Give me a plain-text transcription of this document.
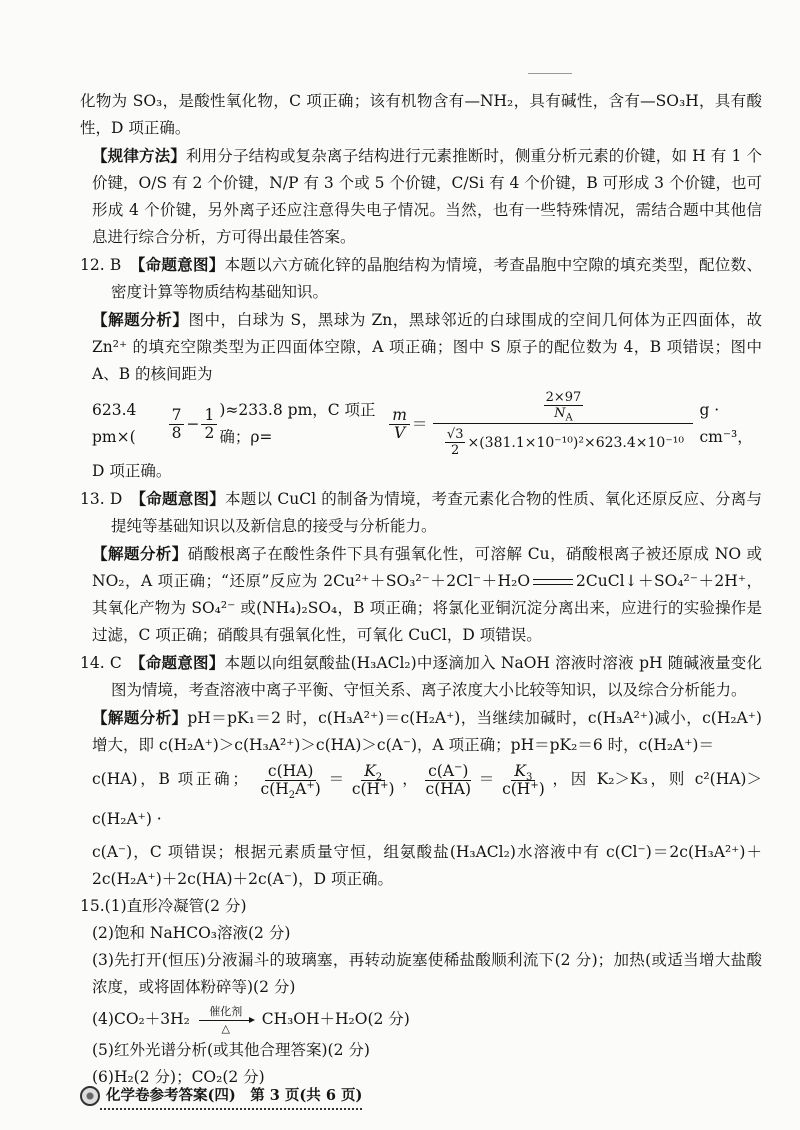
化物为 SO₃，是酸性氧化物，C 项正确；该有机物含有—NH₂，具有碱性，含有—SO₃H，具有酸性，D 项正确。

【规律方法】利用分子结构或复杂离子结构进行元素推断时，侧重分析元素的价键，如 H 有 1 个价键，O/S 有 2 个价键，N/P 有 3 个或 5 个价键，C/Si 有 4 个价键，B 可形成 3 个价键，也可形成 4 个价键，另外离子还应注意得失电子情况。当然，也有一些特殊情况，需结合题中其他信息进行综合分析，方可得出最佳答案。

12. B　 【命题意图】本题以六方硫化锌的晶胞结构为情境，考查晶胞中空隙的填充类型，配位数、密度计算等物质结构基础知识。

【解题分析】图中，白球为 S，黑球为 Zn，黑球邻近的白球围成的空间几何体为正四面体，故 Zn²⁺ 的填充空隙类型为正四面体空隙，A 项正确；图中 S 原子的配位数为 4，B 项错误；图中 A、B 的核间距为

623.4 pm×(	$\frac{7}{8} - \frac{1}{2} )\approx 233.8$ pm，C 项正确；ρ=	$\frac{m}{V} = \frac{\frac{2\times 97}{N_A}}{\frac{√3}{2} \times(381.1\times 10^{-10})^2\times 623.4\times 10^{-10}}$ g · cm⁻³，

D 项正确。

13. D　 【命题意图】本题以 CuCl 的制备为情境，考查元素化合物的性质、氧化还原反应、分离与提纯等基础知识以及新信息的接受与分析能力。

【解题分析】硝酸根离子在酸性条件下具有强氧化性，可溶解 Cu，硝酸根离子被还原成 NO 或 NO₂，A 项正确；“还原”反应为 2Cu²⁺＋SO₃²⁻＋2Cl⁻＋H₂O	2CuCl↓＋SO₄²⁻＋2H⁺，其氧化产物为 SO₄²⁻ 或(NH₄)₂SO₄，B 项正确；将氯化亚铜沉淀分离出来，应进行的实验操作是过滤，C 项正确；硝酸具有强氧化性，可氧化 CuCl，D 项错误。

14. C　 【命题意图】本题以向组氨酸盐(H₃ACl₂)中逐滴加入 NaOH 溶液时溶液 pH 随碱液量变化图为情境，考查溶液中离子平衡、守恒关系、离子浓度大小比较等知识，以及综合分析能力。

【解题分析】pH＝pK₁＝2 时，c(H₃A²⁺)＝c(H₂A⁺)，当继续加碱时，c(H₃A²⁺)减小，c(H₂A⁺)增大，即 c(H₂A⁺)＞c(H₃A²⁺)＞c(HA)＞c(A⁻)，A 项正确；pH＝pK₂＝6 时，c(H₂A⁺)＝

c(HA)，B 项正确； $\frac{c(HA)}{c(H_2A^+)} = \frac{K_2}{c(H^+)}$ ， $\frac{c(A^-)}{c(HA)} = \frac{K_3}{c(H^+)}$ ，因 K₂＞K₃，则 c²(HA)＞c(H₂A⁺) ·

c(A⁻)，C 项错误；根据元素质量守恒，组氨酸盐(H₃ACl₂)水溶液中有 c(Cl⁻)＝2c(H₃A²⁺)＋2c(H₂A⁺)＋2c(HA)＋2c(A⁻)，D 项正确。

15.(1)直形冷凝管(2 分)

(2)饱和 NaHCO₃溶液(2 分)

(3)先打开(恒压)分液漏斗的玻璃塞，再转动旋塞使稀盐酸顺利流下(2 分)；加热(或适当增大盐酸浓度，或将固体粉碎等)(2 分)

(4)CO₂＋3H₂ 催化剂
△ CH₃OH＋H₂O(2 分)

(5)红外光谱分析(或其他合理答案)(2 分)

(6)H₂(2 分)；CO₂(2 分)

化学卷参考答案(四)　第 3 页(共 6 页)
